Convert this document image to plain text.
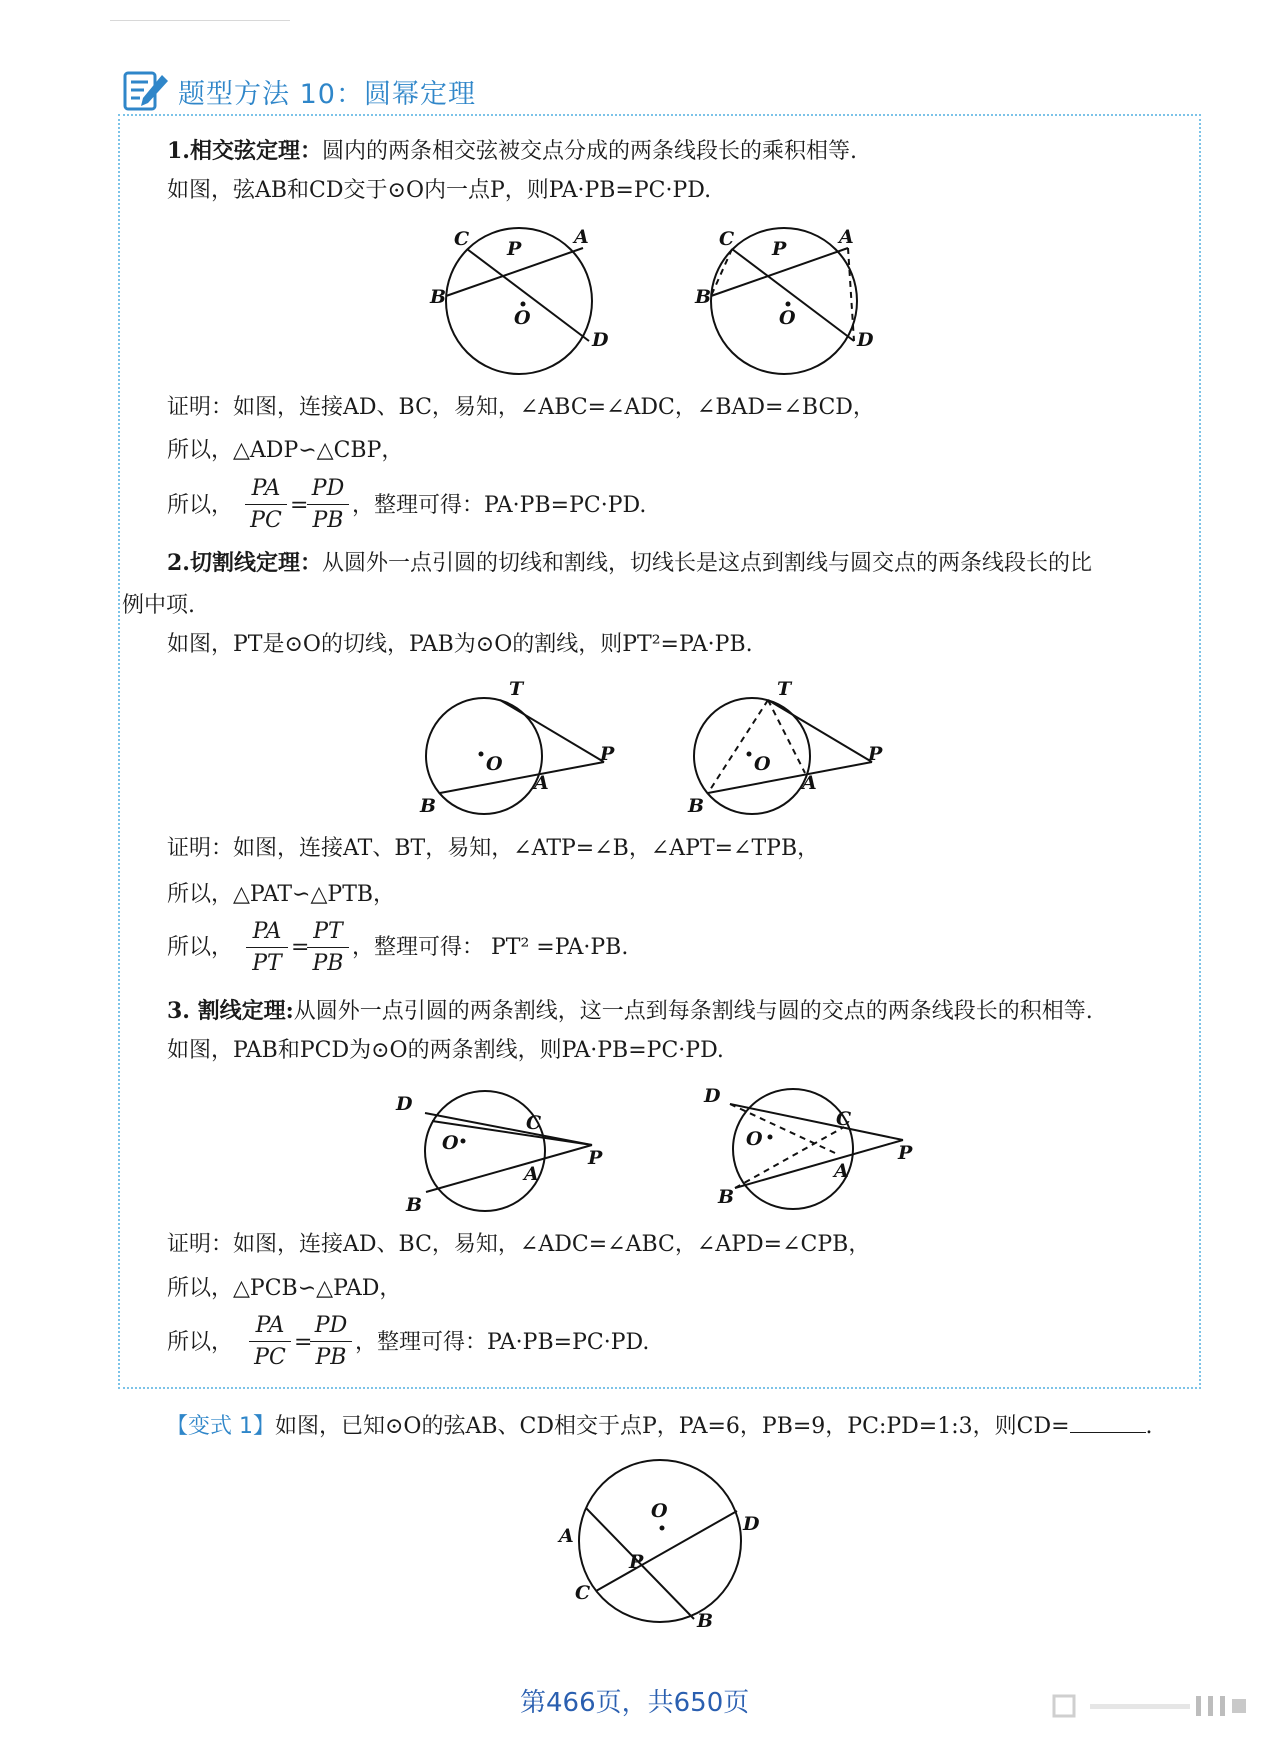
题型方法 10：圆幂定理
1.相交弦定理：圆内的两条相交弦被交点分成的两条线段长的乘积相等.
如图，弦AB和CD交于⊙O内一点P，则PA·PB=PC·PD.
C	A
P
B
O
D
C	A
P
B
O
D
证明：如图，连接AD、BC，易知，∠ABC=∠ADC，∠BAD=∠BCD，
所以，△ADP∽△CBP，
所以，
PA
PC
=
PD
PB
，整理可得：PA·PB=PC·PD.
2.切割线定理：从圆外一点引圆的切线和割线，切线长是这点到割线与圆交点的两条线段长的比
例中项.
如图，PT是⊙O的切线，PAB为⊙O的割线，则PT²=PA·PB.
T
O	P
A
B
T
O	P
A
B
证明：如图，连接AT、BT，易知，∠ATP=∠B，∠APT=∠TPB，
所以，△PAT∽△PTB，
所以，
PA
PT
=
PT
PB
，整理可得： PT² =PA·PB.
3. 割线定理:从圆外一点引圆的两条割线，这一点到每条割线与圆的交点的两条线段长的积相等.
如图，PAB和PCD为⊙O的两条割线，则PA·PB=PC·PD.
D
C
O
P
A
B
D
C
O
P
A
B
证明：如图，连接AD、BC，易知，∠ADC=∠ABC，∠APD=∠CPB，
所以，△PCB∽△PAD，
所以，
PA
PC
=
PD
PB
，整理可得：PA·PB=PC·PD.
【变式 1】如图，已知⊙O的弦AB、CD相交于点P，PA=6，PB=9，PC:PD=1:3，则CD=	.
O
D
A
P
C
B
第466页，共650页
